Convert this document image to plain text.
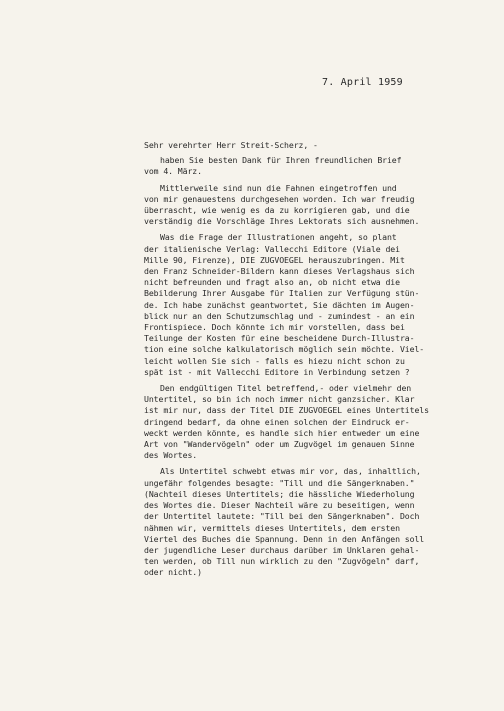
7. April 1959
Sehr verehrter Herr Streit-Scherz, -
haben Sie besten Dank für Ihren freundlichen Brief
vom 4. März.
Mittlerweile sind nun die Fahnen eingetroffen und
von mir genauestens durchgesehen worden. Ich war freudig
überrascht, wie wenig es da zu korrigieren gab, und die
verständig die Vorschläge Ihres Lektorats sich ausnehmen.
Was die Frage der Illustrationen angeht, so plant
der italienische Verlag: Vallecchi Editore (Viale dei
Mille 90, Firenze), DIE ZUGVOEGEL herauszubringen. Mit
den Franz Schneider-Bildern kann dieses Verlagshaus sich
nicht befreunden und fragt also an, ob nicht etwa die
Bebilderung Ihrer Ausgabe für Italien zur Verfügung stün-
de. Ich habe zunächst geantwortet, Sie dächten im Augen-
blick nur an den Schutzumschlag und - zumindest - an ein
Frontispiece. Doch könnte ich mir vorstellen, dass bei
Teilunge der Kosten für eine bescheidene Durch-Illustra-
tion eine solche kalkulatorisch möglich sein möchte. Viel-
leicht wollen Sie sich - falls es hiezu nicht schon zu
spät ist - mit Vallecchi Editore in Verbindung setzen ?
Den endgültigen Titel betreffend,- oder vielmehr den
Untertitel, so bin ich noch immer nicht ganzsicher. Klar
ist mir nur, dass der Titel DIE ZUGVOEGEL eines Untertitels
dringend bedarf, da ohne einen solchen der Eindruck er-
weckt werden könnte, es handle sich hier entweder um eine
Art von "Wandervögeln" oder um Zugvögel im genauen Sinne
des Wortes.
Als Untertitel schwebt etwas mir vor, das, inhaltlich,
ungefähr folgendes besagte: "Till und die Sängerknaben."
(Nachteil dieses Untertitels; die hässliche Wiederholung
des Wortes die. Dieser Nachteil wäre zu beseitigen, wenn
der Untertitel lautete: "Till bei den Sängerknaben". Doch
nähmen wir, vermittels dieses Untertitels, dem ersten
Viertel des Buches die Spannung. Denn in den Anfängen soll
der jugendliche Leser durchaus darüber im Unklaren gehal-
ten werden, ob Till nun wirklich zu den "Zugvögeln" darf,
oder nicht.)
